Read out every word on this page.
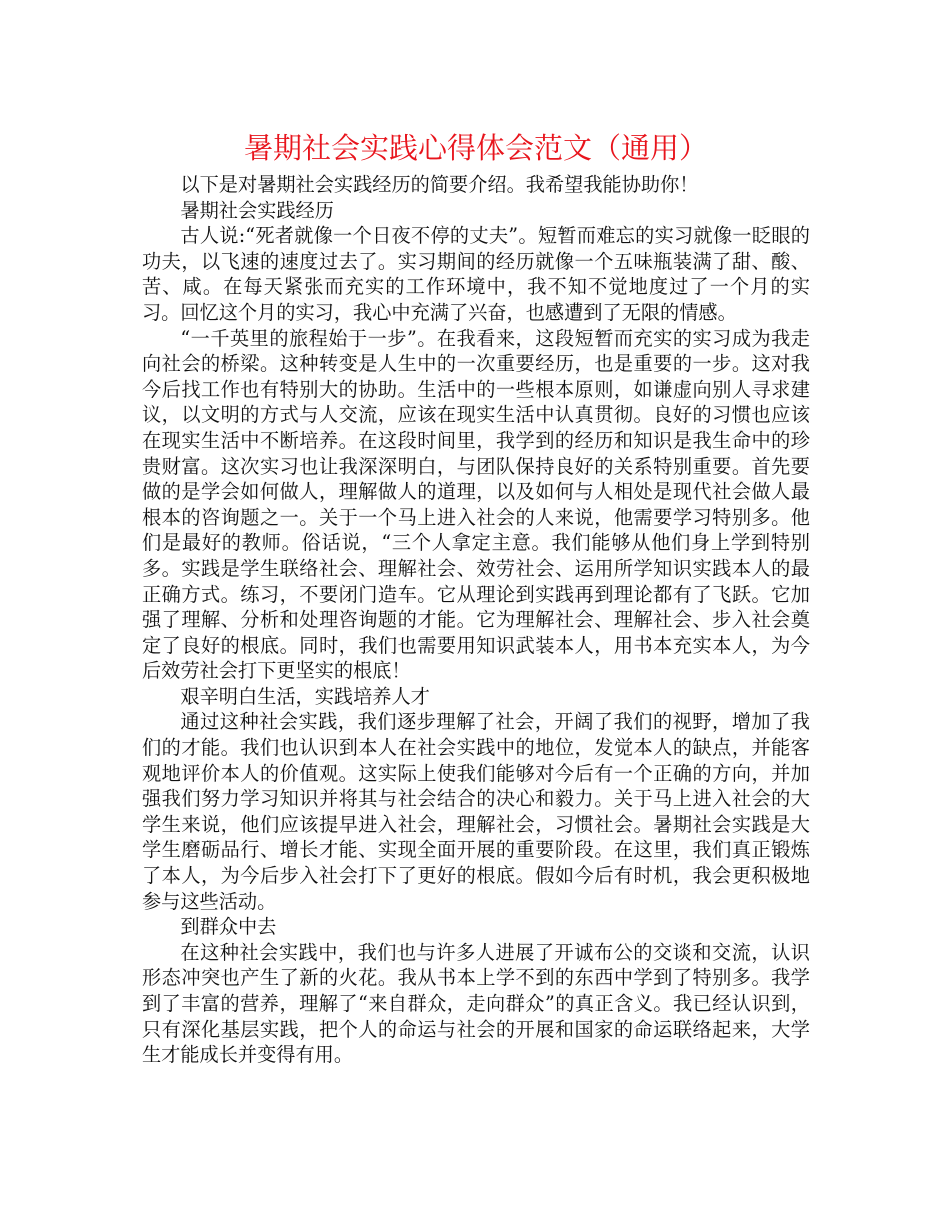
暑期社会实践心得体会范文（通用）

以下是对暑期社会实践经历的简要介绍。我希望我能协助你！

暑期社会实践经历

古人说:“死者就像一个日夜不停的丈夫”。短暂而难忘的实习就像一眨眼的功夫，以飞速的速度过去了。实习期间的经历就像一个五味瓶装满了甜、酸、苦、咸。在每天紧张而充实的工作环境中，我不知不觉地度过了一个月的实习。回忆这个月的实习，我心中充满了兴奋，也感遭到了无限的情感。

“一千英里的旅程始于一步”。在我看来，这段短暂而充实的实习成为我走向社会的桥梁。这种转变是人生中的一次重要经历，也是重要的一步。这对我今后找工作也有特别大的协助。生活中的一些根本原则，如谦虚向别人寻求建议，以文明的方式与人交流，应该在现实生活中认真贯彻。良好的习惯也应该在现实生活中不断培养。在这段时间里，我学到的经历和知识是我生命中的珍贵财富。这次实习也让我深深明白，与团队保持良好的关系特别重要。首先要做的是学会如何做人，理解做人的道理，以及如何与人相处是现代社会做人最根本的咨询题之一。关于一个马上进入社会的人来说，他需要学习特别多。他们是最好的教师。俗话说，“三个人拿定主意。我们能够从他们身上学到特别多。实践是学生联络社会、理解社会、效劳社会、运用所学知识实践本人的最正确方式。练习，不要闭门造车。它从理论到实践再到理论都有了飞跃。它加强了理解、分析和处理咨询题的才能。它为理解社会、理解社会、步入社会奠定了良好的根底。同时，我们也需要用知识武装本人，用书本充实本人，为今后效劳社会打下更坚实的根底！

艰辛明白生活，实践培养人才

通过这种社会实践，我们逐步理解了社会，开阔了我们的视野，增加了我们的才能。我们也认识到本人在社会实践中的地位，发觉本人的缺点，并能客观地评价本人的价值观。这实际上使我们能够对今后有一个正确的方向，并加强我们努力学习知识并将其与社会结合的决心和毅力。关于马上进入社会的大学生来说，他们应该提早进入社会，理解社会，习惯社会。暑期社会实践是大学生磨砺品行、增长才能、实现全面开展的重要阶段。在这里，我们真正锻炼了本人，为今后步入社会打下了更好的根底。假如今后有时机，我会更积极地参与这些活动。

到群众中去

在这种社会实践中，我们也与许多人进展了开诚布公的交谈和交流，认识形态冲突也产生了新的火花。我从书本上学不到的东西中学到了特别多。我学到了丰富的营养，理解了“来自群众，走向群众”的真正含义。我已经认识到，只有深化基层实践，把个人的命运与社会的开展和国家的命运联络起来，大学生才能成长并变得有用。
